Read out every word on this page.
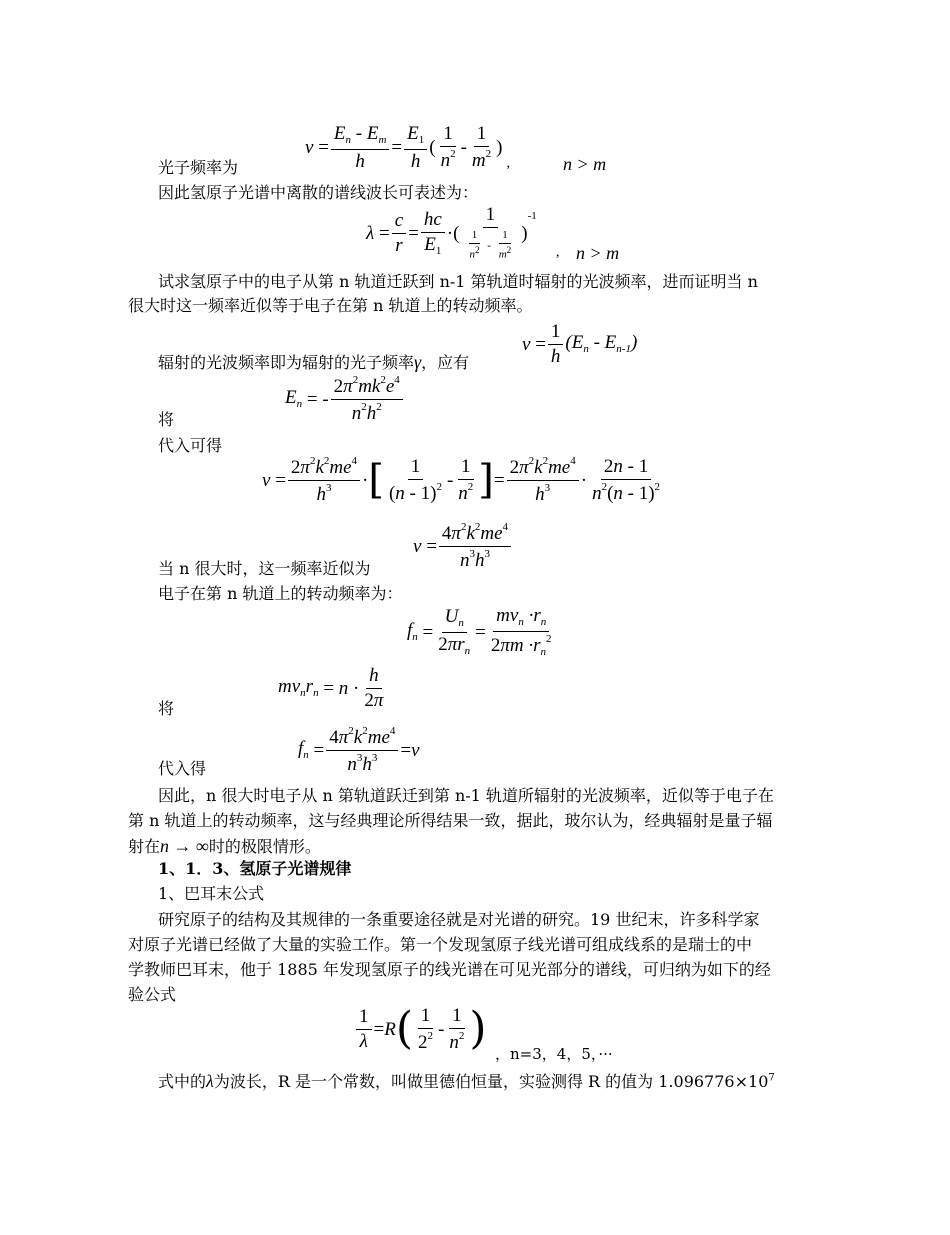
$\nu = \frac{E_n - E_m}{h} = \frac{E_1}{h}$ ( $\frac{1}{n^2} - \frac{1}{m^2}$ )
,
光子频率为	n > m
因此氢原子光谱中离散的谱线波长可表述为：
$\lambda = \frac{c}{r} = \frac{hc}{E_1}$ ·( $\frac{1}{\frac{1}{n^2} - \frac{1}{m^2}}$ )
-1
, n > m
试求氢原子中的电子从第 n 轨道迁跃到 n-1 第轨道时辐射的光波频率，进而证明当 n
很大时这一频率近似等于电子在第 n 轨道上的转动频率。
$\nu = \frac{1}{h} (E_n - E_{n-1})$
辐射的光波频率即为辐射的光子频率γ，应有
$E_n$ = - $\frac{2\pi^2mk^2e^4}{n^2h^2}$
将
代入可得
$\nu = \frac{2\pi^2k^2me^4}{h^3}$ · [ $\frac{1}{(n - 1)^2} - \frac{1}{n^2}$ ] = $\frac{2\pi^2k^2me^4}{h^3} \cdot \frac{2n - 1}{n^2(n - 1)^2}$
$\nu = \frac{4\pi^2k^2me^4}{n^3h^3}$
当 n 很大时，这一频率近似为
电子在第 n 轨道上的转动频率为：
$f_n = \frac{U_n}{2\pi r_n} = \frac{mv_n \cdot r_n}{2\pi m \cdot r_n^2}$
$mv_nr_n = n \cdot \frac{h}{2\pi}$
将
$f_n = \frac{4\pi^2k^2me^4}{n^3h^3} = \nu$
代入得
因此，n 很大时电子从 n 第轨道跃迁到第 n-1 轨道所辐射的光波频率，近似等于电子在
第 n 轨道上的转动频率，这与经典理论所得结果一致，据此，玻尔认为，经典辐射是量子辐
射在n → ∞时的极限情形。
1、1．3、氢原子光谱规律
1、巴耳末公式
研究原子的结构及其规律的一条重要途径就是对光谱的研究。19 世纪末，许多科学家
对原子光谱已经做了大量的实验工作。第一个发现氢原子线光谱可组成线系的是瑞士的中
学教师巴耳末，他于 1885 年发现氢原子的线光谱在可见光部分的谱线，可归纳为如下的经
验公式
$\frac{1}{\lambda} = R$ ( $\frac{1}{2^2} - \frac{1}{n^2}$ ) ，n=3，4，5，···
式中的λ为波长，R 是一个常数，叫做里德伯恒量，实验测得 R 的值为 $1.096776\times 10^7$
